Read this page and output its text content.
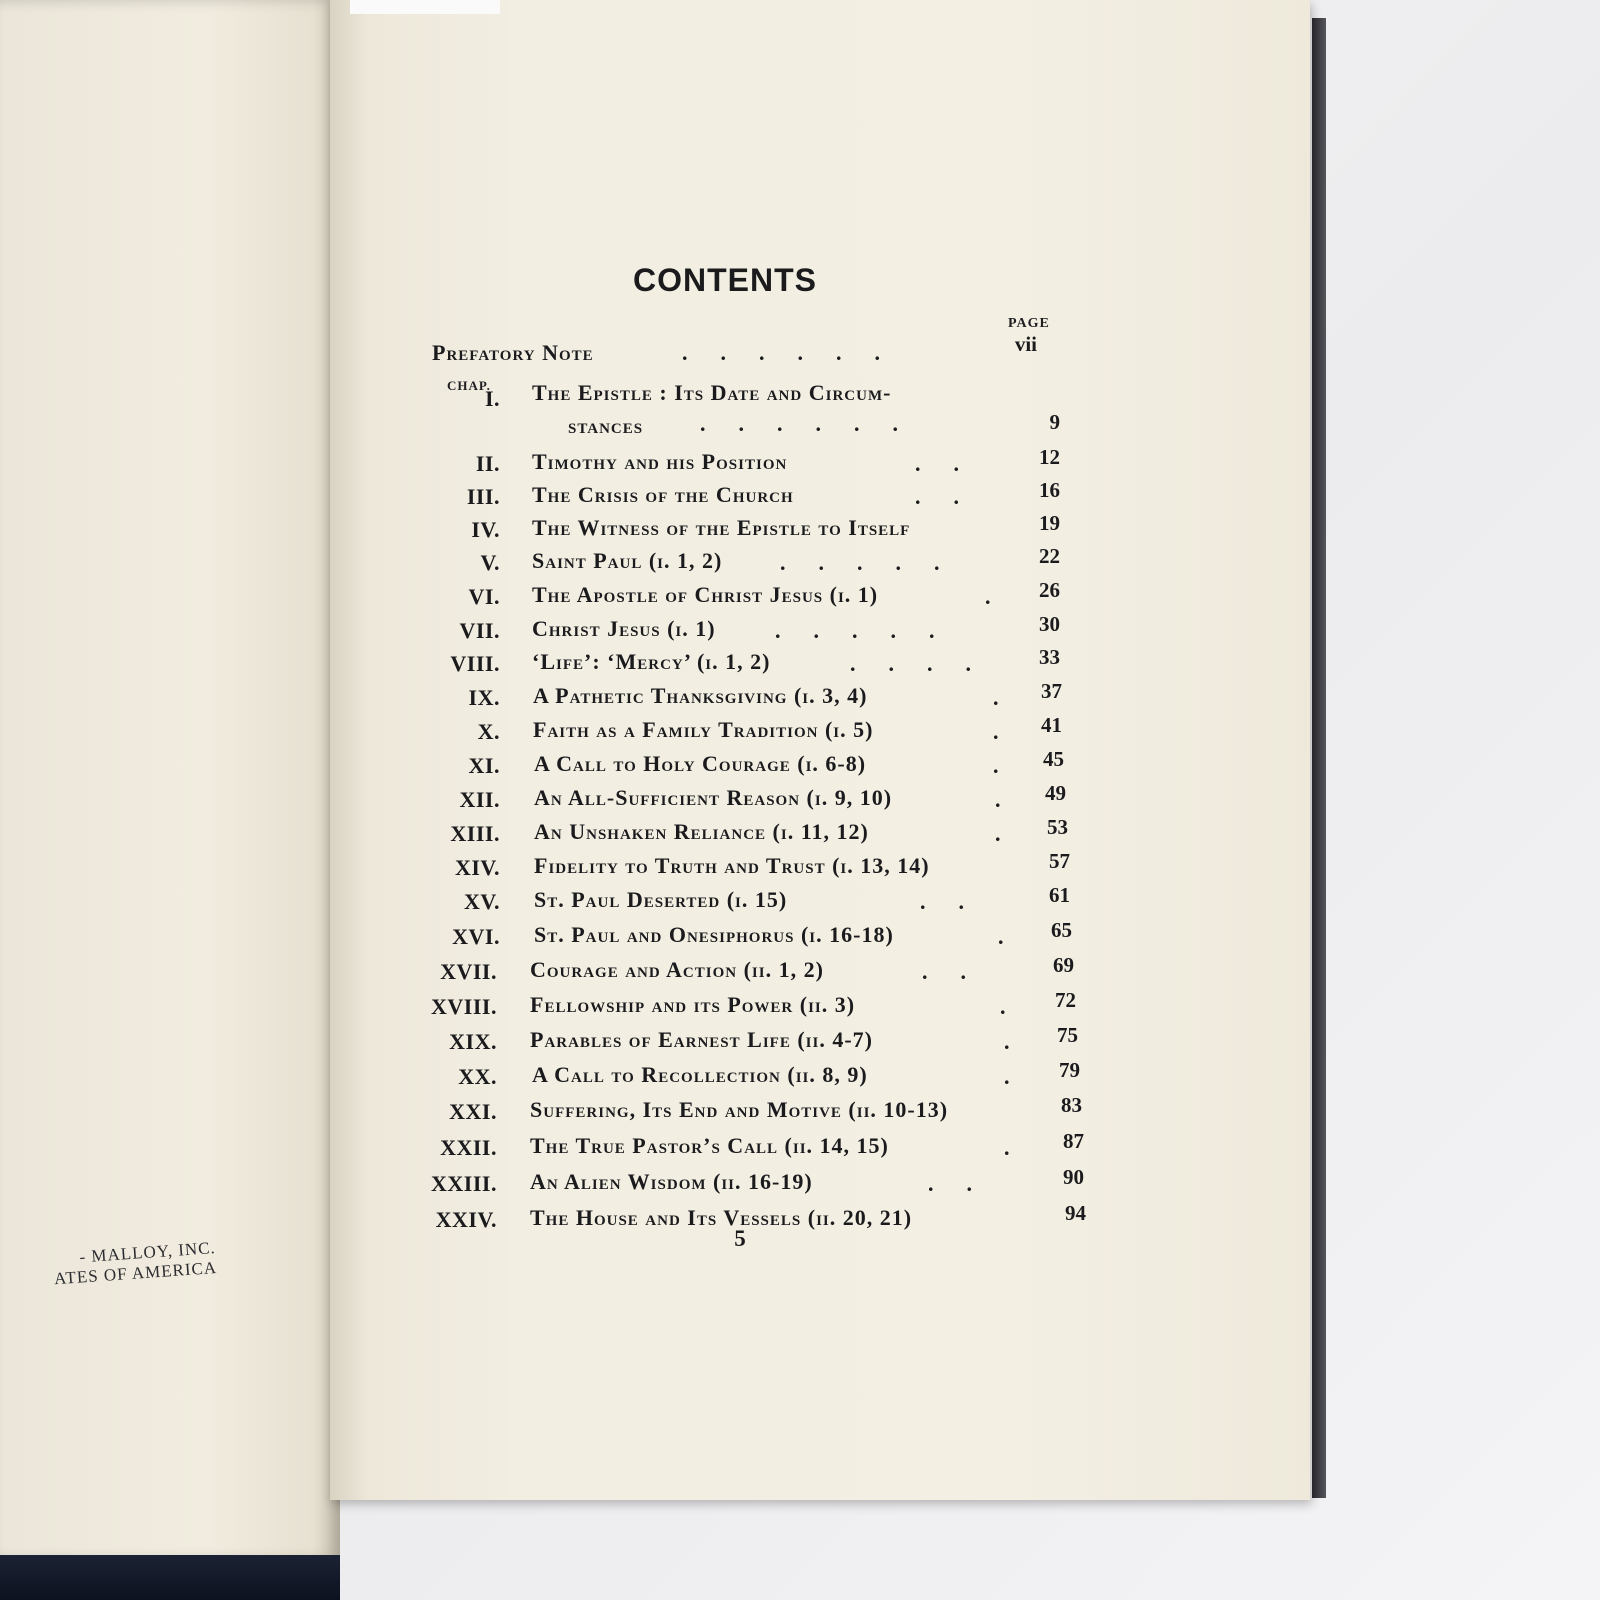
- MALLOY, INC.
ATES OF AMERICA
CONTENTS
PAGE
Prefatory Note	.      .      .      .      .      .	vii
CHAP.
I. The Epistle : Its Date and Circum-
stances	.      .      .      .      .      .	9
II. Timothy and his Position	.      .	12
III. The Crisis of the Church	.      .	16
IV. The Witness of the Epistle to Itself	19
V. Saint Paul (i. 1, 2)	.      .      .      .      .	22
VI. The Apostle of Christ Jesus (i. 1)	.	26
VII. Christ Jesus (i. 1)	.      .      .      .      .	30
VIII. ‘Life’: ‘Mercy’ (i. 1, 2)	.      .      .      .	33
IX. A Pathetic Thanksgiving (i. 3, 4)	.	37
X. Faith as a Family Tradition (i. 5)	.	41
XI. A Call to Holy Courage (i. 6-8)	.	45
XII. An All-Sufficient Reason (i. 9, 10)	.	49
XIII. An Unshaken Reliance (i. 11, 12)	.	53
XIV. Fidelity to Truth and Trust (i. 13, 14)	57
XV. St. Paul Deserted (i. 15)	.      .	61
XVI. St. Paul and Onesiphorus (i. 16-18)	.	65
XVII. Courage and Action (ii. 1, 2)	.      .	69
XVIII. Fellowship and its Power (ii. 3)	.	72
XIX. Parables of Earnest Life (ii. 4-7)	.	75
XX. A Call to Recollection (ii. 8, 9)	.	79
XXI. Suffering, Its End and Motive (ii. 10-13)	83
XXII. The True Pastor’s Call (ii. 14, 15)	.	87
XXIII. An Alien Wisdom (ii. 16-19)	.      .	90
XXIV. The House and Its Vessels (ii. 20, 21)	94
5
